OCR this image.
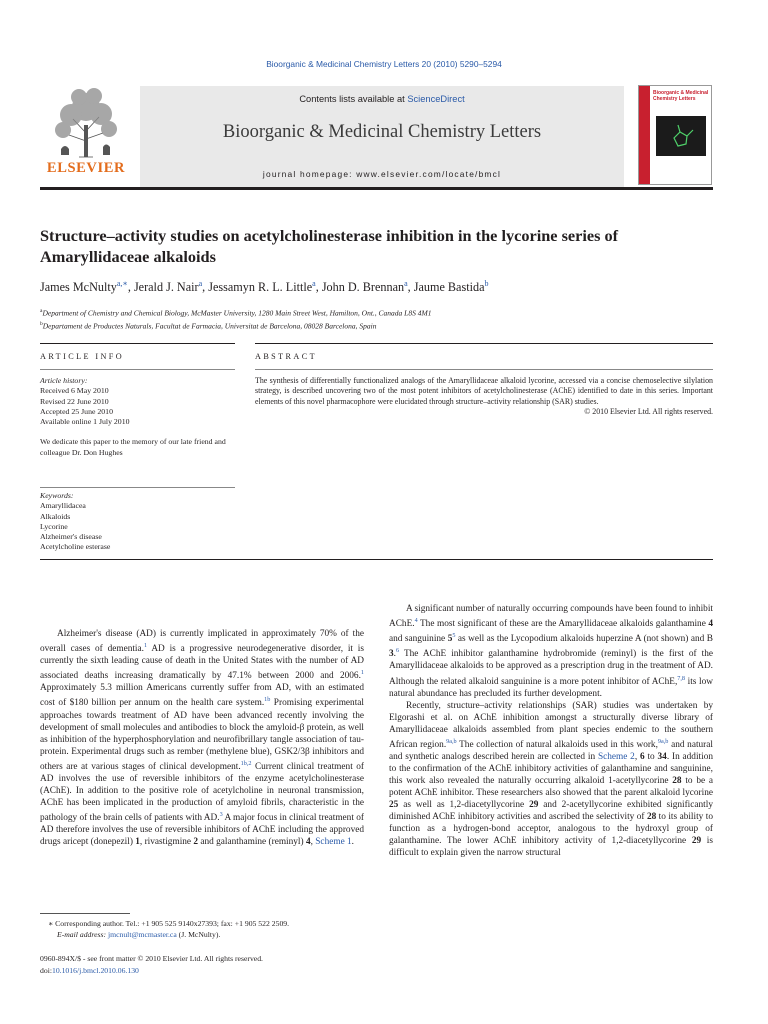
Bioorganic & Medicinal Chemistry Letters 20 (2010) 5290–5294
ELSEVIER
Contents lists available at ScienceDirect
Bioorganic & Medicinal Chemistry Letters
journal homepage: www.elsevier.com/locate/bmcl
Bioorganic & Medicinal Chemistry Letters
Structure–activity studies on acetylcholinesterase inhibition in the lycorine series of Amaryllidaceae alkaloids
James McNulty$^{a,∗}$, Jerald J. Nair$^a$, Jessamyn R. L. Little$^a$, John D. Brennan$^a$, Jaume Bastida$^b$
$^a$Department of Chemistry and Chemical Biology, McMaster University, 1280 Main Street West, Hamilton, Ont., Canada L8S 4M1
$^b$Departament de Productes Naturals, Facultat de Farmacia, Universitat de Barcelona, 08028 Barcelona, Spain
ARTICLE INFO	ABSTRACT

Article history:

Received 6 May 2010

Revised 22 June 2010

Accepted 25 June 2010

Available online 1 July 2010

We dedicate this paper to the memory of our late friend and colleague Dr. Don Hughes

Keywords:

Amaryllidacea

Alkaloids

Lycorine

Alzheimer's disease

Acetylcholine esterase

The synthesis of differentially functionalized analogs of the Amaryllidaceae alkaloid lycorine, accessed via a concise chemoselective silylation strategy, is described uncovering two of the most potent inhibitors of acetylcholinesterase (AChE) identified to date in this series. Important elements of this novel pharmacophore were elucidated through structure–activity relationship (SAR) studies.
© 2010 Elsevier Ltd. All rights reserved.

Alzheimer's disease (AD) is currently implicated in approximately 70% of the overall cases of dementia.$^1$ AD is a progressive neurodegenerative disorder, it is currently the sixth leading cause of death in the United States with the number of AD associated deaths increasing dramatically by 47.1% between 2000 and 2006.$^1$ Approximately 5.3 million Americans currently suffer from AD, with an estimated cost of $180 billion per annum on the health care system.$^{1b}$ Promising experimental approaches towards treatment of AD have been advanced recently involving the development of small molecules and antibodies to block the amyloid-β protein, as well as inhibition of the hyperphosphorylation and neurofibrillary tangle association of tau-protein. Experimental drugs such as rember (methylene blue), GSK2/3β inhibitors and others are at various stages of clinical development.$^{1b,2}$ Current clinical treatment of AD involves the use of reversible inhibitors of the enzyme acetylcholinesterase (AChE). In addition to the positive role of acetylcholine in neuronal transmission, AChE has been implicated in the production of amyloid fibrils, characteristic in the pathology of the brain cells of patients with AD.$^3$ A major focus in clinical treatment of AD therefore involves the use of reversible inhibitors of AChE including the approved drugs aricept (donepezil) 1, rivastigmine 2 and galanthamine (reminyl) 4, Scheme 1.

A significant number of naturally occurring compounds have been found to inhibit AChE.$^4$ The most significant of these are the Amaryllidaceae alkaloids galanthamine 4 and sanguinine $5^5$ as well as the Lycopodium alkaloids huperzine A (not shown) and B 3.$^6$ The AChE inhibitor galanthamine hydrobromide (reminyl) is the first of the Amaryllidaceae alkaloids to be approved as a prescription drug in the treatment of AD. Although the related alkaloid sanguinine is a more potent inhibitor of AChE,$^{7,8}$ its low natural abundance has precluded its further development.

Recently, structure–activity relationships (SAR) studies was undertaken by Elgorashi et al. on AChE inhibition amongst a structurally diverse library of Amaryllidaceae alkaloids assembled from plant species endemic to the southern African region.$^{9a,b}$ The collection of natural alkaloids used in this work,$^{9a,b}$ and natural and synthetic analogs described herein are collected in Scheme 2, 6 to 34. In addition to the confirmation of the AChE inhibitory activities of galanthamine and sanguinine, this work also revealed the naturally occurring alkaloid 1-acetyllycorine 28 to be a potent AChE inhibitor. These researchers also showed that the parent alkaloid lycorine 25 as well as 1,2-diacetyllycorine 29 and 2-acetyllycorine exhibited significantly diminished AChE inhibitory activities and ascribed the selectivity of 28 to its ability to function as a hydrogen-bond acceptor, analogous to the hydroxyl group of galanthamine. The lower AChE inhibitory activity of 1,2-diacetyllycorine 29 is difficult to explain given the narrow structural

∗ Corresponding author. Tel.: +1 905 525 9140x27393; fax: +1 905 522 2509.
E-mail address: jmcnult@mcmaster.ca (J. McNulty).
0960-894X/$ - see front matter © 2010 Elsevier Ltd. All rights reserved.
doi:10.1016/j.bmcl.2010.06.130
